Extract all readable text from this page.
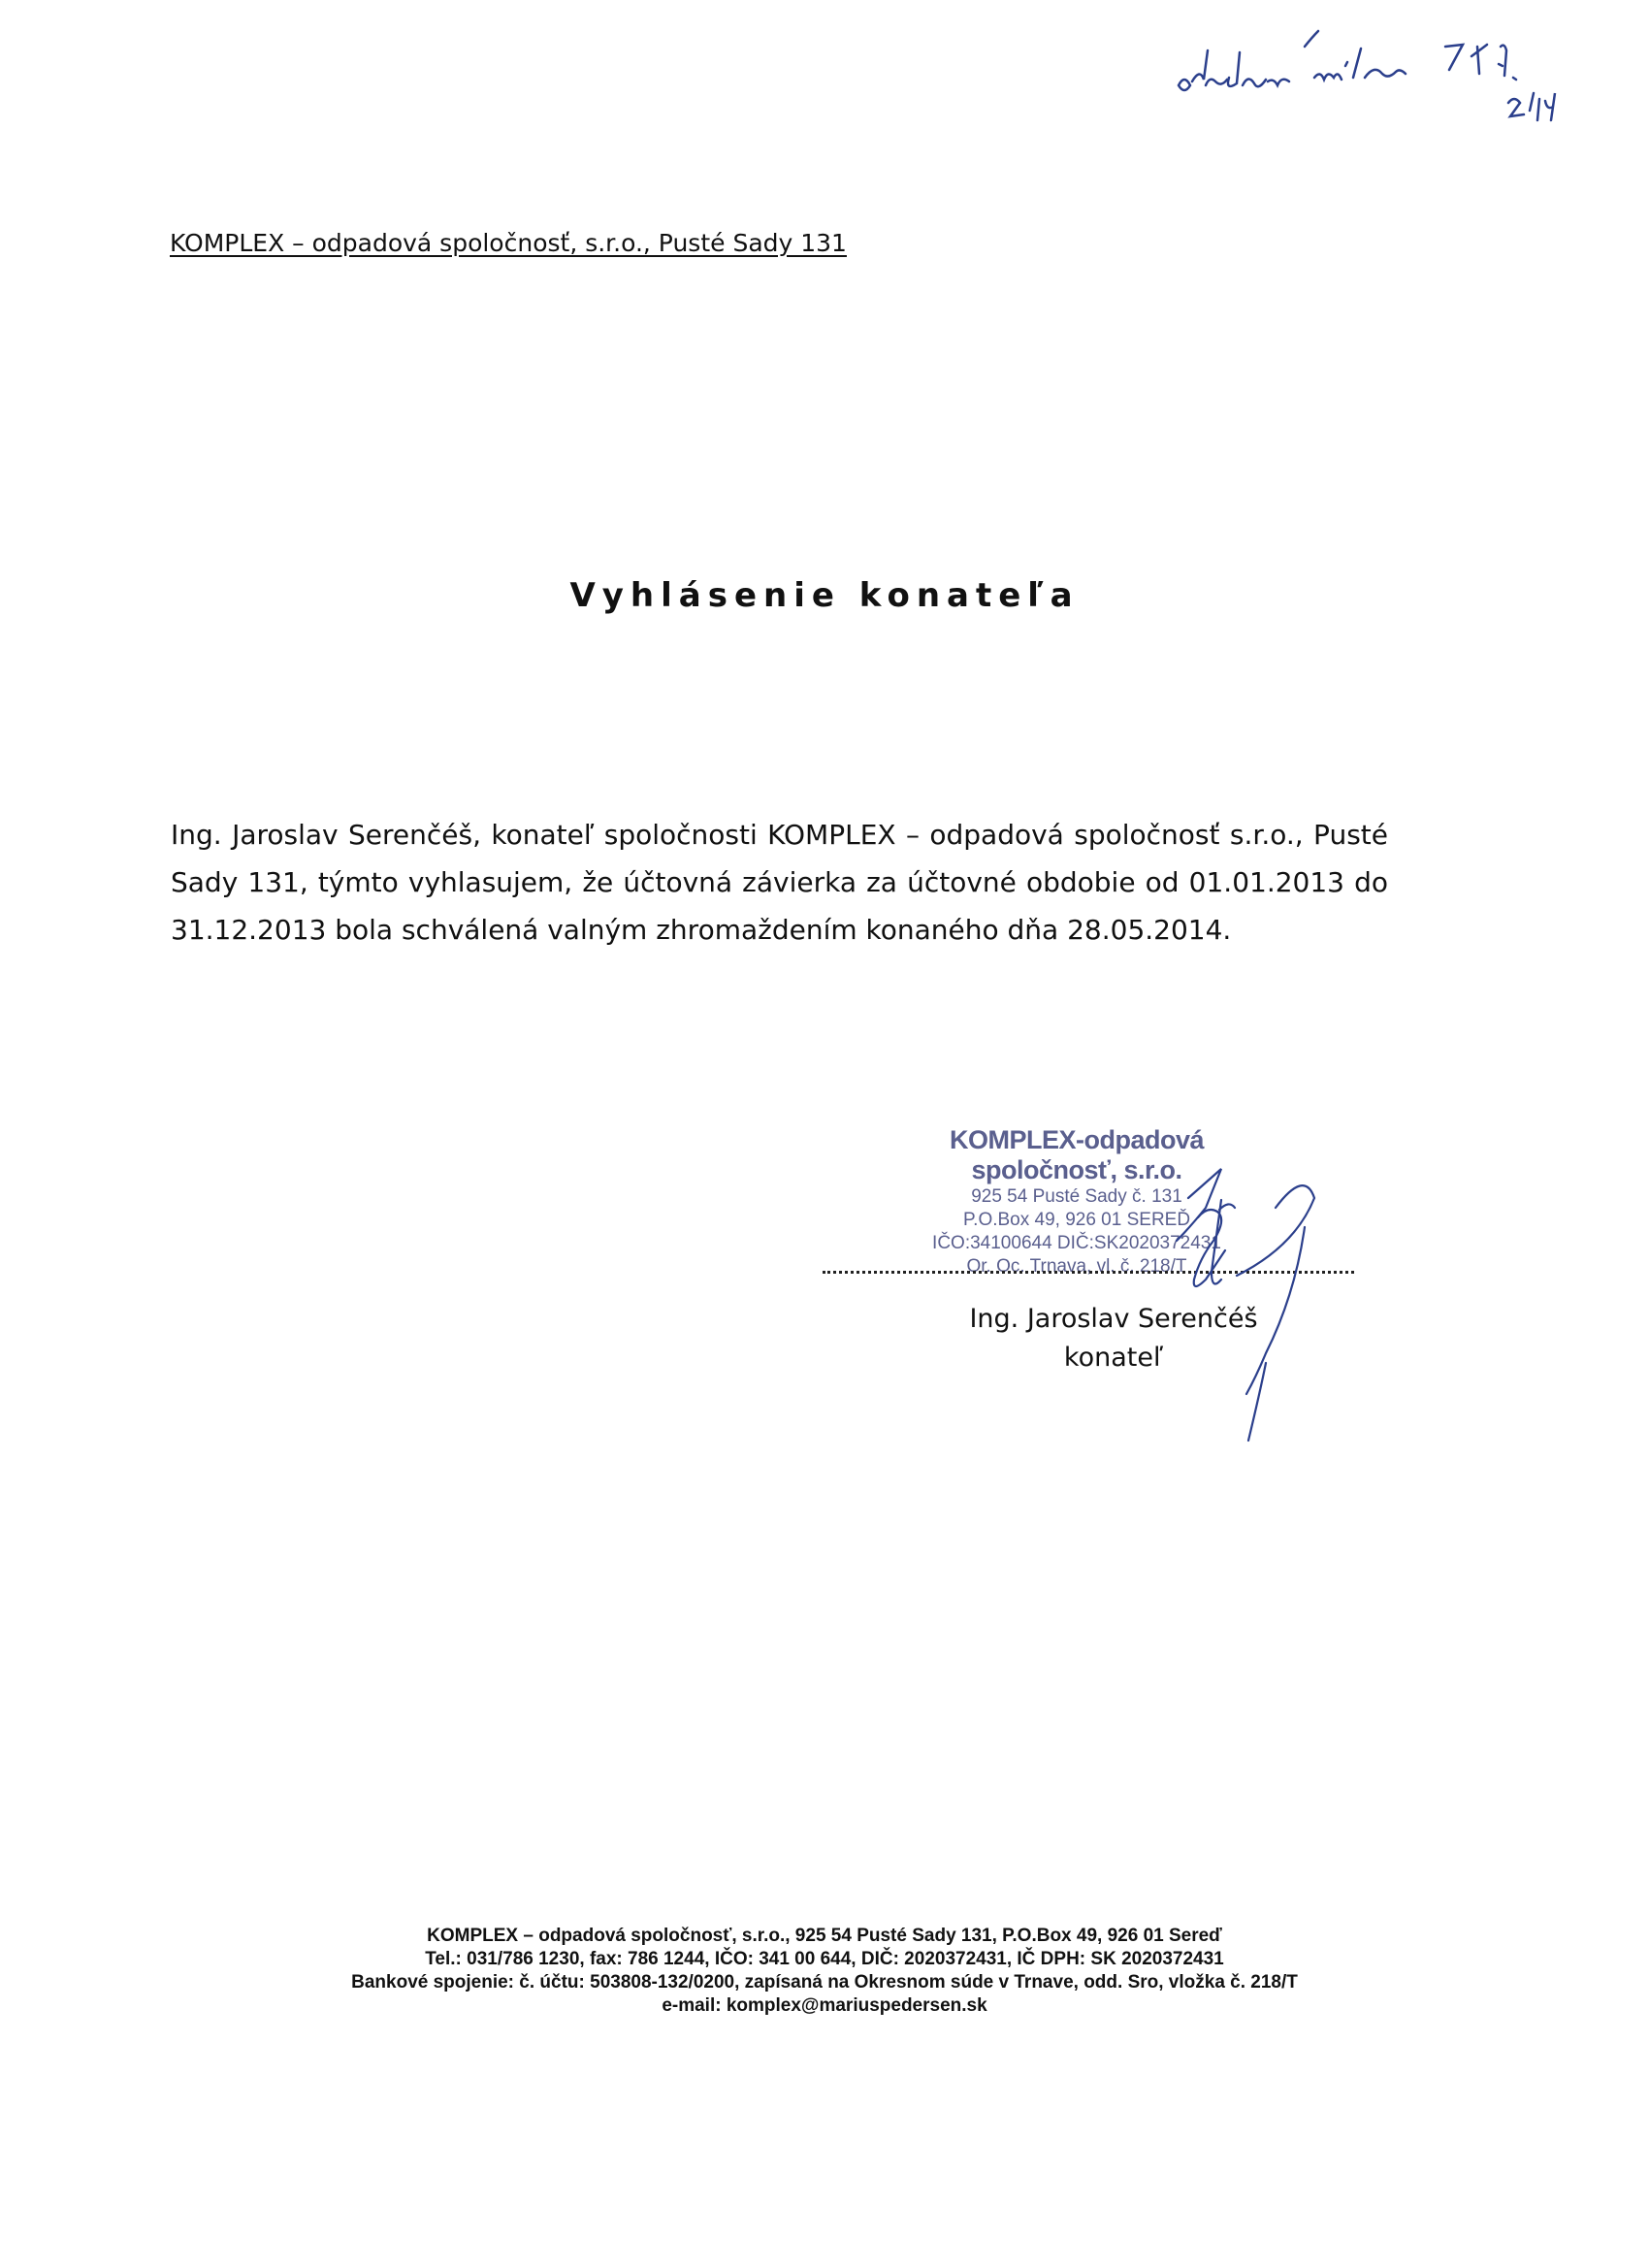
KOMPLEX – odpadová spoločnosť, s.r.o., Pusté Sady 131
Vyhlásenie konateľa
Ing. Jaroslav Serenčéš, konateľ spoločnosti KOMPLEX – odpadová spoločnosť s.r.o., Pusté Sady 131, týmto vyhlasujem, že účtovná závierka za účtovné obdobie od 01.01.2013 do 31.12.2013 bola schválená valným zhromaždením konaného dňa 28.05.2014.
KOMPLEX-odpadová spoločnosť, s.r.o.
925 54 Pusté Sady č. 131
P.O.Box 49, 926 01 SEREĎ
IČO:34100644 DIČ:SK2020372431
Or. Oc. Trnava, vl. č. 218/T
Ing. Jaroslav Serenčéš
konateľ
KOMPLEX – odpadová spoločnosť, s.r.o., 925 54 Pusté Sady 131, P.O.Box 49, 926 01 Sereď
Tel.: 031/786 1230, fax: 786 1244, IČO: 341 00 644, DIČ: 2020372431, IČ DPH: SK 2020372431
Bankové spojenie: č. účtu: 503808-132/0200, zapísaná na Okresnom súde v Trnave, odd. Sro, vložka č. 218/T
e-mail: komplex@mariuspedersen.sk
